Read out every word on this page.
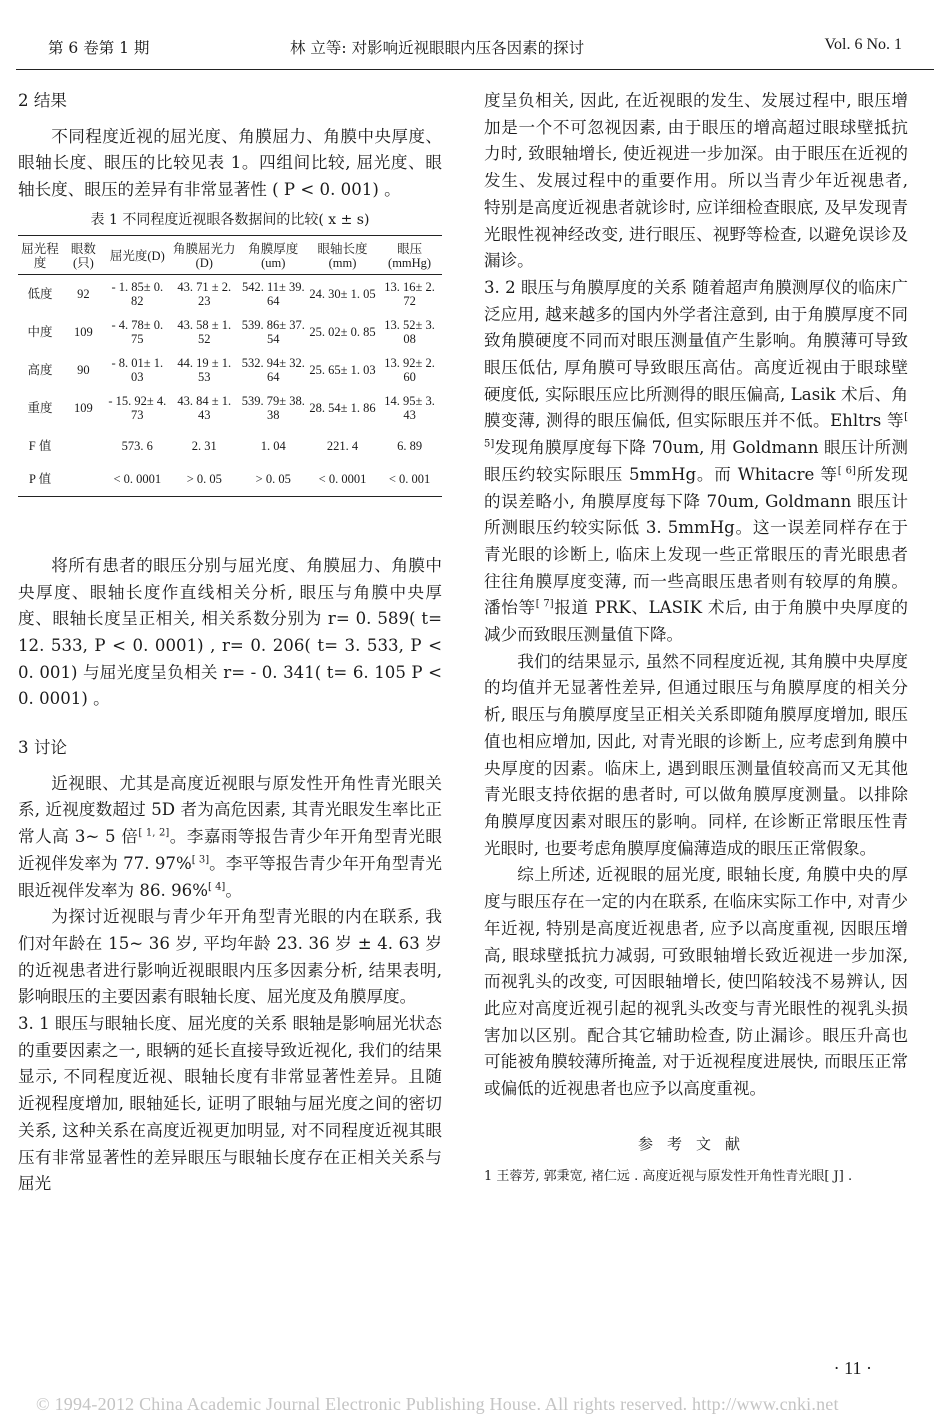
第 6 卷第 1 期	林 立等: 对影响近视眼眼内压各因素的探讨	Vol. 6 No. 1
2 结果

不同程度近视的屈光度、角膜屈力、角膜中央厚度、眼轴长度、眼压的比较见表 1。四组间比较, 屈光度、眼轴长度、眼压的差异有非常显著性 ( P < 0. 001) 。

表 1 不同程度近视眼各数据间的比较( x ± s)
屈光程度	眼数(只)	屈光度(D)	角膜屈光力(D)	角膜厚度(um)	眼轴长度(mm)	眼压(mmHg)
低度	92	- 1. 85± 0. 82	43. 71 ± 2. 23	542. 11± 39. 64	24. 30± 1. 05	13. 16± 2. 72
中度	109	- 4. 78± 0. 75	43. 58 ± 1. 52	539. 86± 37. 54	25. 02± 0. 85	13. 52± 3. 08
高度	90	- 8. 01± 1. 03	44. 19 ± 1. 53	532. 94± 32. 64	25. 65± 1. 03	13. 92± 2. 60
重度	109	- 15. 92± 4. 73	43. 84 ± 1. 43	539. 79± 38. 38	28. 54± 1. 86	14. 95± 3. 43
F 值		573. 6	2. 31	1. 04	221. 4	6. 89
P 值		< 0. 0001	> 0. 05	> 0. 05	< 0. 0001	< 0. 001

将所有患者的眼压分别与屈光度、角膜屈力、角膜中央厚度、眼轴长度作直线相关分析, 眼压与角膜中央厚度、眼轴长度呈正相关, 相关系数分别为 r= 0. 589( t= 12. 533, P < 0. 0001) , r= 0. 206( t= 3. 533, P < 0. 001) 与屈光度呈负相关 r= - 0. 341( t= 6. 105 P < 0. 0001) 。

3 讨论

近视眼、尤其是高度近视眼与原发性开角性青光眼关系, 近视度数超过 5D 者为高危因素, 其青光眼发生率比正常人高 3~ 5 倍[ 1, 2]。李嘉雨等报告青少年开角型青光眼近视伴发率为 77. 97%[ 3]。李平等报告青少年开角型青光眼近视伴发率为 86. 96%[ 4]。

为探讨近视眼与青少年开角型青光眼的内在联系, 我们对年龄在 15~ 36 岁, 平均年龄 23. 36 岁 ± 4. 63 岁的近视患者进行影响近视眼眼内压多因素分析, 结果表明, 影响眼压的主要因素有眼轴长度、屈光度及角膜厚度。

3. 1 眼压与眼轴长度、屈光度的关系 眼轴是影响屈光状态的重要因素之一, 眼辆的延长直接导致近视化, 我们的结果显示, 不同程度近视、眼轴长度有非常显著性差异。且随近视程度增加, 眼轴延长, 证明了眼轴与屈光度之间的密切关系, 这种关系在高度近视更加明显, 对不同程度近视其眼压有非常显著性的差异眼压与眼轴长度存在正相关关系与屈光

度呈负相关, 因此, 在近视眼的发生、发展过程中, 眼压增加是一个不可忽视因素, 由于眼压的增高超过眼球壁抵抗力时, 致眼轴增长, 使近视进一步加深。由于眼压在近视的发生、发展过程中的重要作用。所以当青少年近视患者, 特别是高度近视患者就诊时, 应详细检查眼底, 及早发现青光眼性视神经改变, 进行眼压、视野等检查, 以避免误诊及漏诊。

3. 2 眼压与角膜厚度的关系 随着超声角膜测厚仪的临床广泛应用, 越来越多的国内外学者注意到, 由于角膜厚度不同致角膜硬度不同而对眼压测量值产生影响。角膜薄可导致眼压低估, 厚角膜可导致眼压高估。高度近视由于眼球壁硬度低, 实际眼压应比所测得的眼压偏高, Lasik 术后、角膜变薄, 测得的眼压偏低, 但实际眼压并不低。Ehltrs 等[ 5]发现角膜厚度每下降 70um, 用 Goldmann 眼压计所测眼压约较实际眼压 5mmHg。而 Whitacre 等[ 6]所发现的误差略小, 角膜厚度每下降 70um, Goldmann 眼压计所测眼压约较实际低 3. 5mmHg。这一误差同样存在于青光眼的诊断上, 临床上发现一些正常眼压的青光眼患者往往角膜厚度变薄, 而一些高眼压患者则有较厚的角膜。潘怡等[ 7]报道 PRK、LASIK 术后, 由于角膜中央厚度的减少而致眼压测量值下降。

我们的结果显示, 虽然不同程度近视, 其角膜中央厚度的均值并无显著性差异, 但通过眼压与角膜厚度的相关分析, 眼压与角膜厚度呈正相关关系即随角膜厚度增加, 眼压值也相应增加, 因此, 对青光眼的诊断上, 应考虑到角膜中央厚度的因素。临床上, 遇到眼压测量值较高而又无其他青光眼支持依据的患者时, 可以做角膜厚度测量。以排除角膜厚度因素对眼压的影响。同样, 在诊断正常眼压性青光眼时, 也要考虑角膜厚度偏薄造成的眼压正常假象。

综上所述, 近视眼的屈光度, 眼轴长度, 角膜中央的厚度与眼压存在一定的内在联系, 在临床实际工作中, 对青少年近视, 特别是高度近视患者, 应予以高度重视, 因眼压增高, 眼球壁抵抗力减弱, 可致眼轴增长致近视进一步加深, 而视乳头的改变, 可因眼轴增长, 使凹陷较浅不易辨认, 因此应对高度近视引起的视乳头改变与青光眼性的视乳头损害加以区别。配合其它辅助检查, 防止漏诊。眼压升高也可能被角膜较薄所掩盖, 对于近视程度进展快, 而眼压正常或偏低的近视患者也应予以高度重视。

参考文献
1 王蓉芳, 郭秉宽, 褚仁远 . 高度近视与原发性开角性青光眼[ J] .
· 11 ·
© 1994-2012 China Academic Journal Electronic Publishing House. All rights reserved. http://www.cnki.net
